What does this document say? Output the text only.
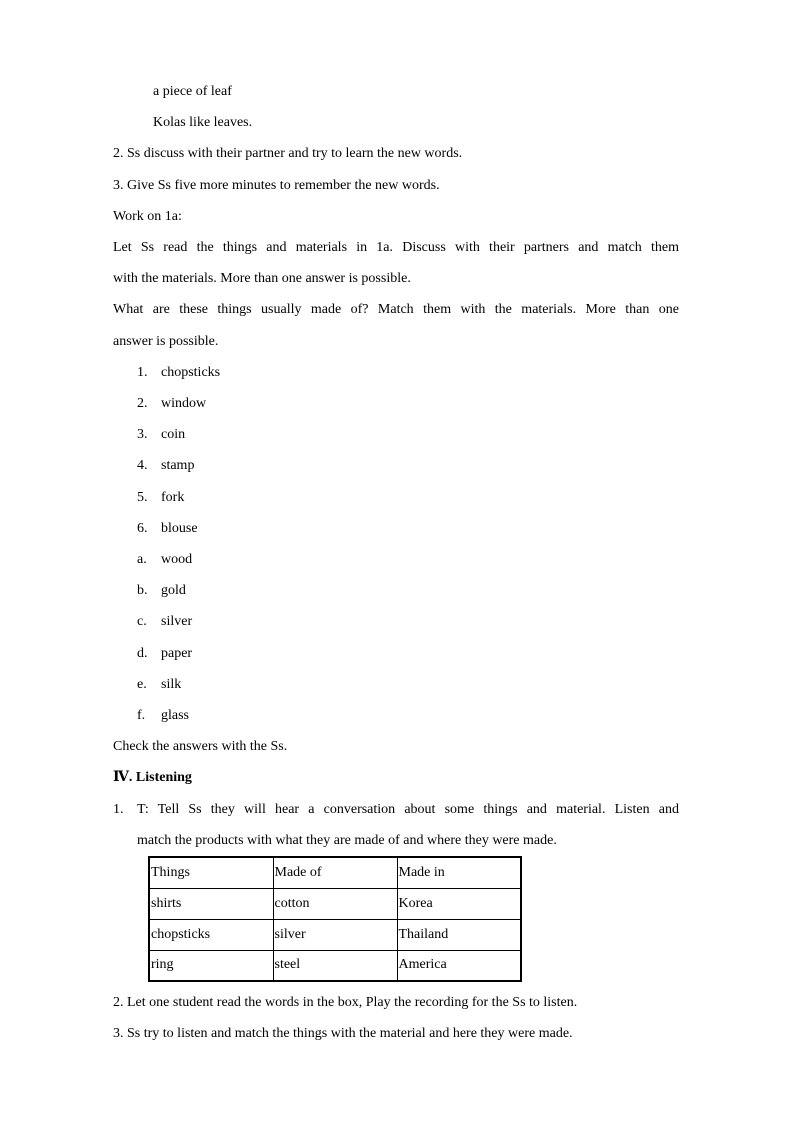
a piece of leaf
Kolas like leaves.
2. Ss discuss with their partner and try to learn the new words.
3. Give Ss five more minutes to remember the new words.
Work on 1a:
Let Ss read the things and materials in 1a. Discuss with their partners and match them
with the materials. More than one answer is possible.
What are these things usually made of? Match them with the materials. More than one
answer is possible.
1. chopsticks
2. window
3. coin
4. stamp
5. fork
6. blouse
a. wood
b. gold
c. silver
d. paper
e. silk
f. glass
Check the answers with the Ss.
Ⅳ. Listening
1. T: Tell Ss they will hear a conversation about some things and material. Listen and
match the products with what they are made of and where they were made.
Things	Made of	Made in
shirts	cotton	Korea
chopsticks	silver	Thailand
ring	steel	America
2. Let one student read the words in the box, Play the recording for the Ss to listen.
3. Ss try to listen and match the things with the material and here they were made.
